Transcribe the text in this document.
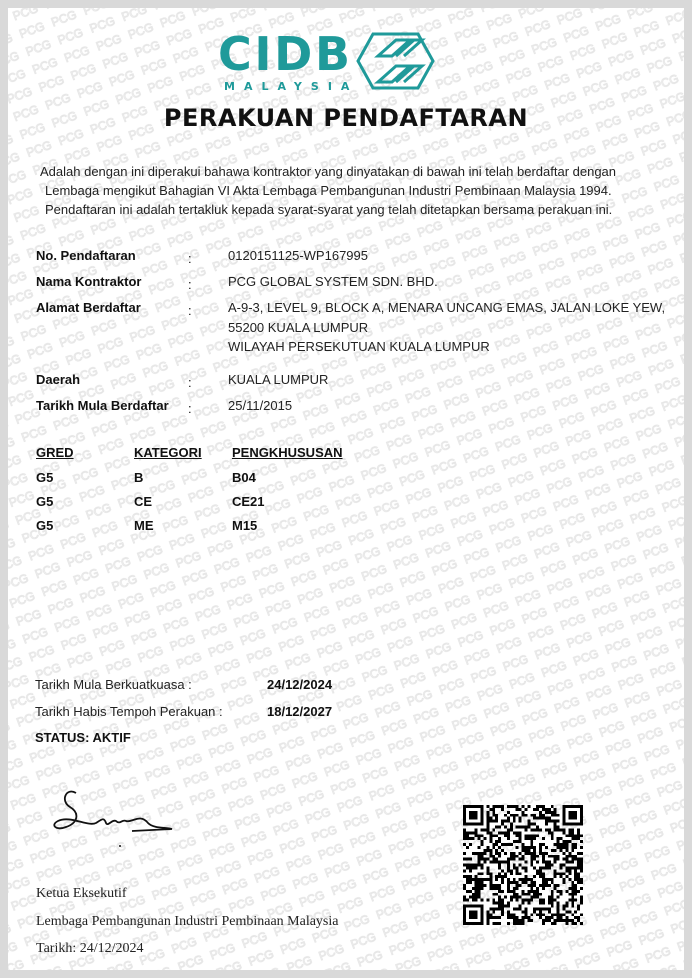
CIDB
MALAYSIA
PERAKUAN PENDAFTARAN
Adalah dengan ini diperakui bahawa kontraktor yang dinyatakan di bawah ini telah berdaftar dengan
Lembaga mengikut Bahagian VI Akta Lembaga Pembangunan Industri Pembinaan Malaysia 1994.
Pendaftaran ini adalah tertakluk kepada syarat-syarat yang telah ditetapkan bersama perakuan ini.
No. Pendaftaran	:	0120151125-WP167995
Nama Kontraktor	:	PCG GLOBAL SYSTEM SDN. BHD.
Alamat Berdaftar	:	A-9-3, LEVEL 9, BLOCK A, MENARA UNCANG EMAS, JALAN LOKE YEW,
55200 KUALA LUMPUR
WILAYAH PERSEKUTUAN KUALA LUMPUR
Daerah	:	KUALA LUMPUR
Tarikh Mula Berdaftar :	25/11/2015
GRED	KATEGORI PENGKHUSUSAN
G5	B	B04
G5	CE	CE21
G5	ME	M15
Tarikh Mula Berkuatkuasa :	24/12/2024
Tarikh Habis Tempoh Perakuan :	18/12/2027
STATUS: AKTIF
Ketua Eksekutif
Lembaga Pembangunan Industri Pembinaan Malaysia
Tarikh: 24/12/2024
